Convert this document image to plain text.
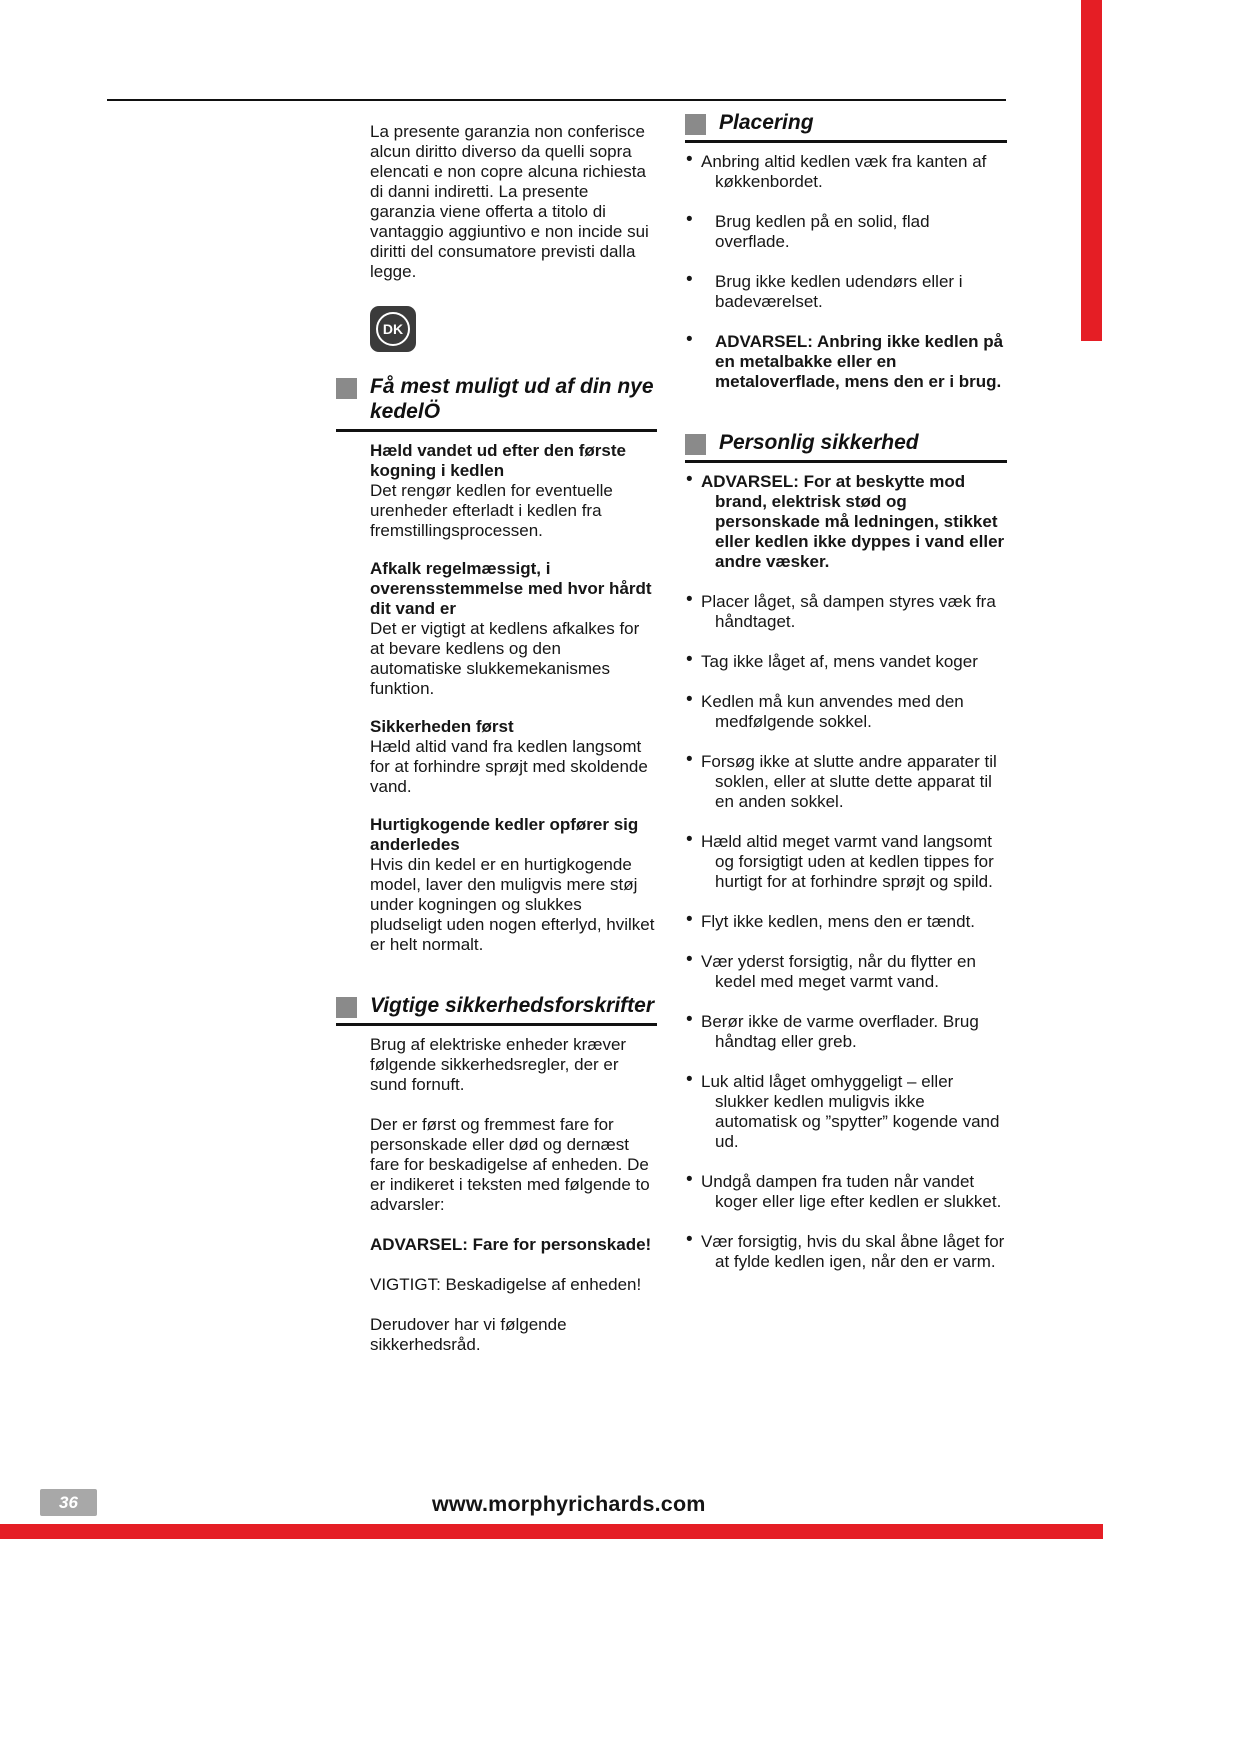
La presente garanzia non conferisce alcun diritto diverso da quelli sopra elencati e non copre alcuna richiesta di danni indiretti. La presente garanzia viene offerta a titolo di vantaggio aggiuntivo e non incide sui diritti del consumatore previsti dalla legge.

DK
Få mest muligt ud af din nye kedelÖ

Hæld vandet ud efter den første kogning i kedlen

Det rengør kedlen for eventuelle urenheder efterladt i kedlen fra fremstillingsprocessen.

Afkalk regelmæssigt, i overensstemmelse med hvor hårdt dit vand er

Det er vigtigt at kedlens afkalkes for at bevare kedlens og den automatiske slukkemekanismes funktion.

Sikkerheden først

Hæld altid vand fra kedlen langsomt for at forhindre sprøjt med skoldende vand.

Hurtigkogende kedler opfører sig anderledes

Hvis din kedel er en hurtigkogende model, laver den muligvis mere støj under kogningen og slukkes pludseligt uden nogen efterlyd, hvilket er helt normalt.

Vigtige sikkerhedsforskrifter

Brug af elektriske enheder kræver følgende sikkerhedsregler, der er sund fornuft.

Der er først og fremmest fare for personskade eller død og dernæst fare for beskadigelse af enheden. De er indikeret i teksten med følgende to advarsler:

ADVARSEL: Fare for personskade!

VIGTIGT: Beskadigelse af enheden!

Derudover har vi følgende sikkerhedsråd.

Placering
• Anbring altid kedlen væk fra kanten af køkkenbordet.

• Brug kedlen på en solid, flad overflade.

• Brug ikke kedlen udendørs eller i badeværelset.

• ADVARSEL: Anbring ikke kedlen på en metalbakke eller en metaloverflade, mens den er i brug.

Personlig sikkerhed
• ADVARSEL: For at beskytte mod brand, elektrisk stød og personskade må ledningen, stikket eller kedlen ikke dyppes i vand eller andre væsker.

• Placer låget, så dampen styres væk fra håndtaget.

• Tag ikke låget af, mens vandet koger

• Kedlen må kun anvendes med den medfølgende sokkel.

• Forsøg ikke at slutte andre apparater til soklen, eller at slutte dette apparat til en anden sokkel.

• Hæld altid meget varmt vand langsomt og forsigtigt uden at kedlen tippes for hurtigt for at forhindre sprøjt og spild.

• Flyt ikke kedlen, mens den er tændt.

• Vær yderst forsigtig, når du flytter en kedel med meget varmt vand.

• Berør ikke de varme overflader. Brug håndtag eller greb.

• Luk altid låget omhyggeligt – eller slukker kedlen muligvis ikke automatisk og ”spytter” kogende vand ud.

• Undgå dampen fra tuden når vandet koger eller lige efter kedlen er slukket.

• Vær forsigtig, hvis du skal åbne låget for at fylde kedlen igen, når den er varm.

36	www.morphyrichards.com
